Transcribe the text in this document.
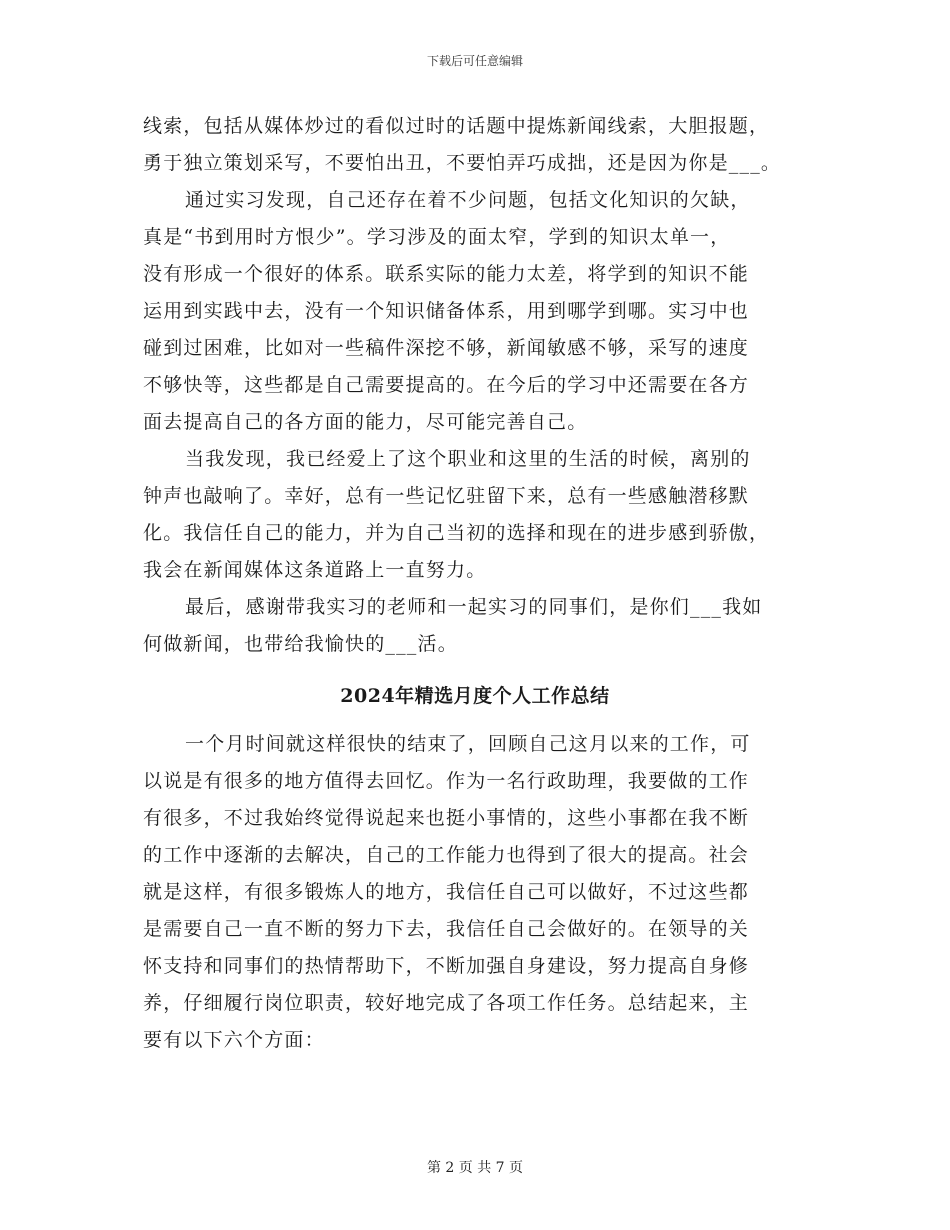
下载后可任意编辑
线索，包括从媒体炒过的看似过时的话题中提炼新闻线索，大胆报题，
勇于独立策划采写，不要怕出丑，不要怕弄巧成拙，还是因为你是___。
通过实习发现，自己还存在着不少问题，包括文化知识的欠缺，
真是“书到用时方恨少”。学习涉及的面太窄，学到的知识太单一，
没有形成一个很好的体系。联系实际的能力太差，将学到的知识不能
运用到实践中去，没有一个知识储备体系，用到哪学到哪。实习中也
碰到过困难，比如对一些稿件深挖不够，新闻敏感不够，采写的速度
不够快等，这些都是自己需要提高的。在今后的学习中还需要在各方
面去提高自己的各方面的能力，尽可能完善自己。
当我发现，我已经爱上了这个职业和这里的生活的时候，离别的
钟声也敲响了。幸好，总有一些记忆驻留下来，总有一些感触潜移默
化。我信任自己的能力，并为自己当初的选择和现在的进步感到骄傲，
我会在新闻媒体这条道路上一直努力。
最后，感谢带我实习的老师和一起实习的同事们，是你们___我如
何做新闻，也带给我愉快的___活。
2024年精选月度个人工作总结
一个月时间就这样很快的结束了，回顾自己这月以来的工作，可
以说是有很多的地方值得去回忆。作为一名行政助理，我要做的工作
有很多，不过我始终觉得说起来也挺小事情的，这些小事都在我不断
的工作中逐渐的去解决，自己的工作能力也得到了很大的提高。社会
就是这样，有很多锻炼人的地方，我信任自己可以做好，不过这些都
是需要自己一直不断的努力下去，我信任自己会做好的。在领导的关
怀支持和同事们的热情帮助下，不断加强自身建设，努力提高自身修
养，仔细履行岗位职责，较好地完成了各项工作任务。总结起来，主
要有以下六个方面：
第 2 页 共 7 页
